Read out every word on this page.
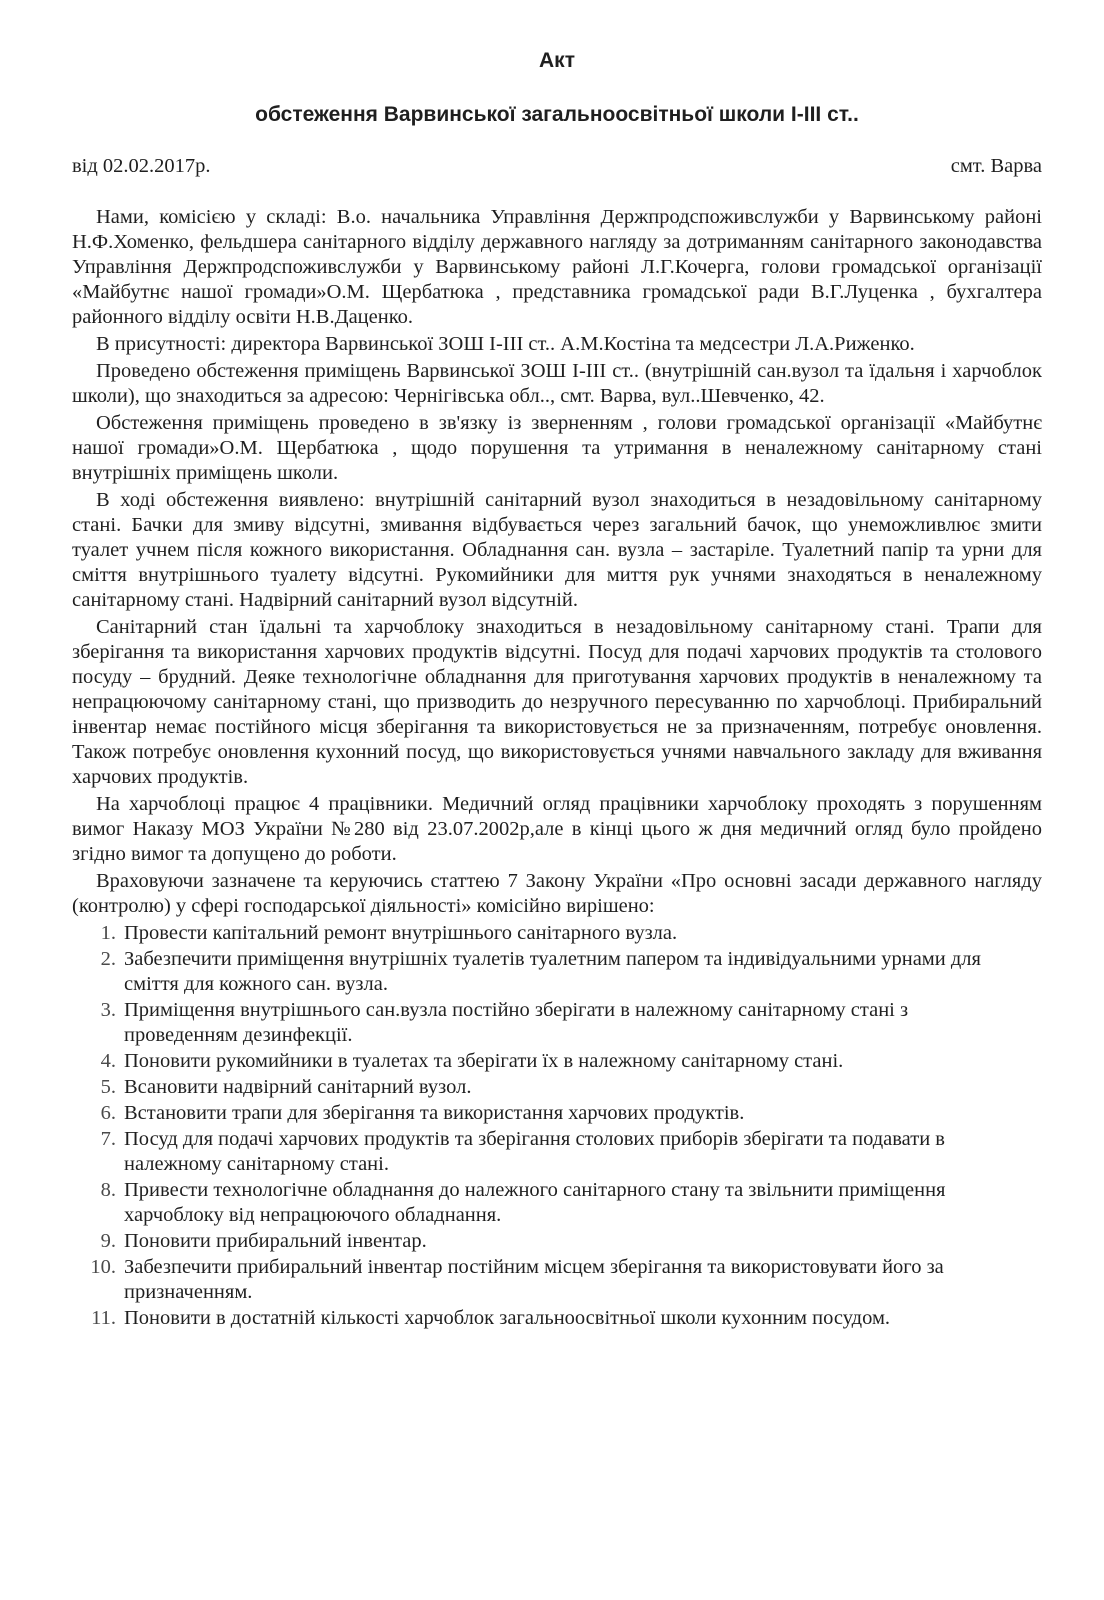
Акт
обстеження Варвинської загальноосвітньої школи І-ІІІ ст..
від 02.02.2017р.	смт. Варва

Нами, комісією у складі: В.о. начальника Управління Держпродспоживслужби у Варвинському районі Н.Ф.Хоменко, фельдшера санітарного відділу державного нагляду за дотриманням санітарного законодавства Управління Держпродспоживслужби у Варвинському районі Л.Г.Кочерга, голови громадської організації «Майбутнє нашої громади»О.М. Щербатюка , представника громадської ради В.Г.Луценка , бухгалтера районного відділу освіти Н.В.Даценко.

В присутності: директора Варвинської ЗОШ І-ІІІ ст.. А.М.Костіна та медсестри Л.А.Риженко.

Проведено обстеження приміщень Варвинської ЗОШ І-ІІІ ст.. (внутрішній сан.вузол та їдальня і харчоблок школи), що знаходиться за адресою: Чернігівська обл.., смт. Варва, вул..Шевченко, 42.

Обстеження приміщень проведено в зв'язку із зверненням , голови громадської організації «Майбутнє нашої громади»О.М. Щербатюка , щодо порушення та утримання в неналежному санітарному стані внутрішніх приміщень школи.

В ході обстеження виявлено: внутрішній санітарний вузол знаходиться в незадовільному санітарному стані. Бачки для змиву відсутні, змивання відбувається через загальний бачок, що унеможливлює змити туалет учнем після кожного використання. Обладнання сан. вузла – застаріле. Туалетний папір та урни для сміття внутрішнього туалету відсутні. Рукомийники для миття рук учнями знаходяться в неналежному санітарному стані. Надвірний санітарний вузол відсутній.

Санітарний стан їдальні та харчоблоку знаходиться в незадовільному санітарному стані. Трапи для зберігання та використання харчових продуктів відсутні. Посуд для подачі харчових продуктів та столового посуду – брудний. Деяке технологічне обладнання для приготування харчових продуктів в неналежному та непрацюючому санітарному стані, що призводить до незручного пересуванню по харчоблоці. Прибиральний інвентар немає постійного місця зберігання та використовується не за призначенням, потребує оновлення. Також потребує оновлення кухонний посуд, що використовується учнями навчального закладу для вживання харчових продуктів.

На харчоблоці працює 4 працівники. Медичний огляд працівники харчоблоку проходять з порушенням вимог Наказу МОЗ України №280 від 23.07.2002р,але в кінці цього ж дня медичний огляд було пройдено згідно вимог та допущено до роботи.

Враховуючи зазначене та керуючись статтею 7 Закону України «Про основні засади державного нагляду (контролю) у сфері господарської діяльності» комісійно вирішено:

1. Провести капітальний ремонт внутрішнього санітарного вузла.
2. Забезпечити приміщення внутрішніх туалетів туалетним папером та індивідуальними урнами для сміття для кожного сан. вузла.
3. Приміщення внутрішнього сан.вузла постійно зберігати в належному санітарному стані з проведенням дезинфекції.
4. Поновити рукомийники в туалетах та зберігати їх в належному санітарному стані.
5. Всановити надвірний санітарний вузол.
6. Встановити трапи для зберігання та використання харчових продуктів.
7. Посуд для подачі харчових продуктів та зберігання столових приборів зберігати та подавати в належному санітарному стані.
8. Привести технологічне обладнання до належного санітарного стану та звільнити приміщення харчоблоку від непрацюючого обладнання.
9. Поновити прибиральний інвентар.
10. Забезпечити прибиральний інвентар постійним місцем зберігання та використовувати його за призначенням.
11. Поновити в достатній кількості харчоблок загальноосвітньої школи кухонним посудом.
